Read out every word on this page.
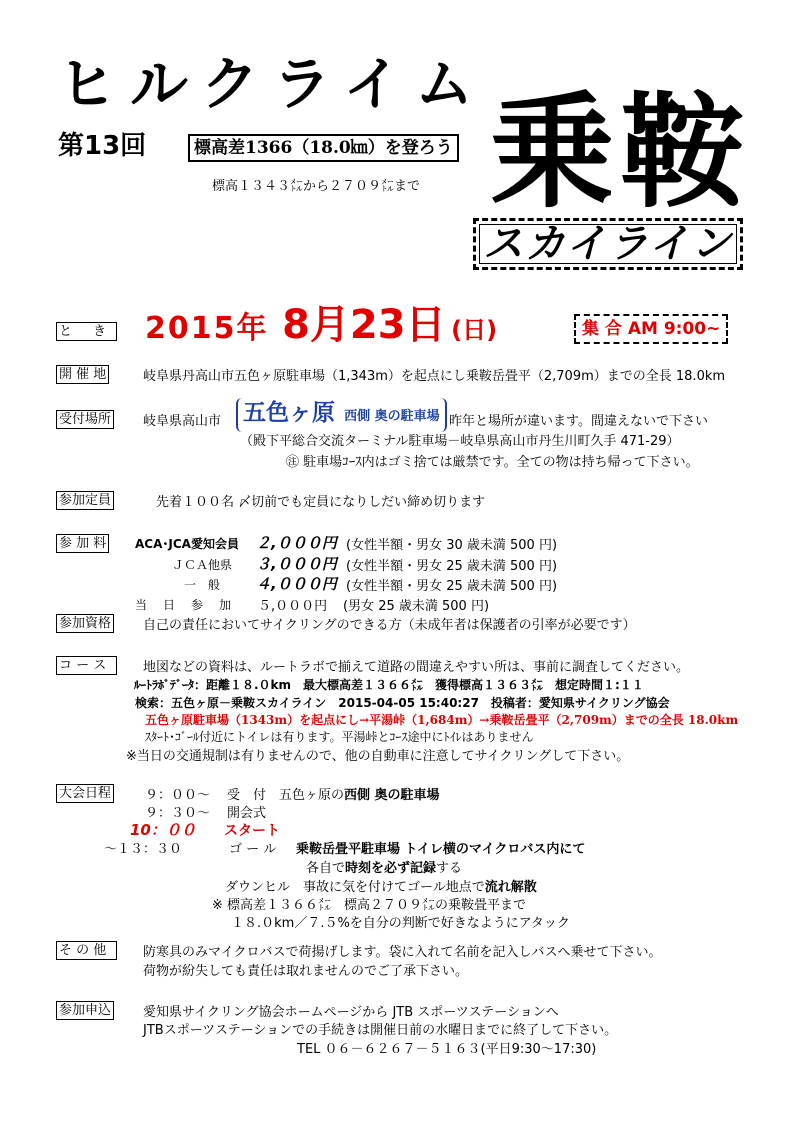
ヒルクライム
第13回	標高差1366（18.0㎞）を登ろう
標高１３４３㍍から２７０９㍍まで 乗鞍
スカイライン
と　き 2015年 8月23日 (日)	集 合 AM 9:00~
開 催 地	岐阜県丹高山市五色ヶ原駐車場（1,343m）を起点にし乗鞍岳畳平（2,709m）までの全長 18.0km
受付場所 岐阜県高山市 五色ヶ原 西側 奥の駐車場 昨年と場所が違います。間違えないで下さい
（殿下平総合交流ターミナル駐車場－岐阜県高山市丹生川町久手 471-29）
㊟ 駐車場ｺｰｽ内はゴミ捨ては厳禁です。全ての物は持ち帰って下さい。
参加定員	先着１００名 〆切前でも定員になりしだい締め切ります
参 加 料 ACA･JCA愛知会員 ２,０００円 (女性半額・男女 30 歳未満 500 円)
ＪＣＡ他県 ３,０００円 (女性半額・男女 25 歳未満 500 円)
一　般 ４,０００円 (女性半額・男女 25 歳未満 500 円)
当　日　参　加 ５,０００円 (男女 25 歳未満 500 円)
参加資格 自己の責任においてサイクリングのできる方（未成年者は保護者の引率が必要です）
コ ー ス	地図などの資料は、ルートラボで揃えて道路の間違えやすい所は、事前に調査してください。
ﾙｰﾄﾗﾎﾞﾃﾞｰﾀ：距離１８.０km　最大標高差１３６６㍍　獲得標高１３６３㍍　想定時間１:１１
検索：五色ヶ原－乗鞍スカイライン　2015-04-05 15:40:27　投稿者：愛知県サイクリング協会
五色ヶ原駐車場（1343m）を起点にし→平湯峠（1,684m）→乗鞍岳畳平（2,709m）までの全長 18.0km
ｽﾀｰﾄ･ｺﾞｰﾙ付近にトイレは有ります。平湯峠とｺｰｽ途中にﾄｲﾚはありません
※当日の交通規制は有りませんので、他の自動車に注意してサイクリングして下さい。
大会日程	９：００～ 受　付　五色ヶ原の西側 奥の駐車場
９：３０～ 開会式
10：００ スタート
～１３：３０	ゴ ー ル 乗鞍岳畳平駐車場 トイレ横のマイクロバス内にて
各自で時刻を必ず記録する
ダウンヒル　事故に気を付けてゴール地点で流れ解散
※ 標高差１３６６㍍　標高２７０９㍍の乗鞍畳平まで
１８.０km／７.５%を自分の判断で好きなようにアタック
そ の 他	防寒具のみマイクロバスで荷揚げします。袋に入れて名前を記入しバスへ乗せて下さい。
荷物が紛失しても責任は取れませんのでご了承下さい。
参加申込 愛知県サイクリング協会ホームページから JTB スポーツステーションへ
JTBスポーツステーションでの手続きは開催日前の水曜日までに終了して下さい。
TEL ０６－６２６７－５１６３(平日9:30～17:30)
